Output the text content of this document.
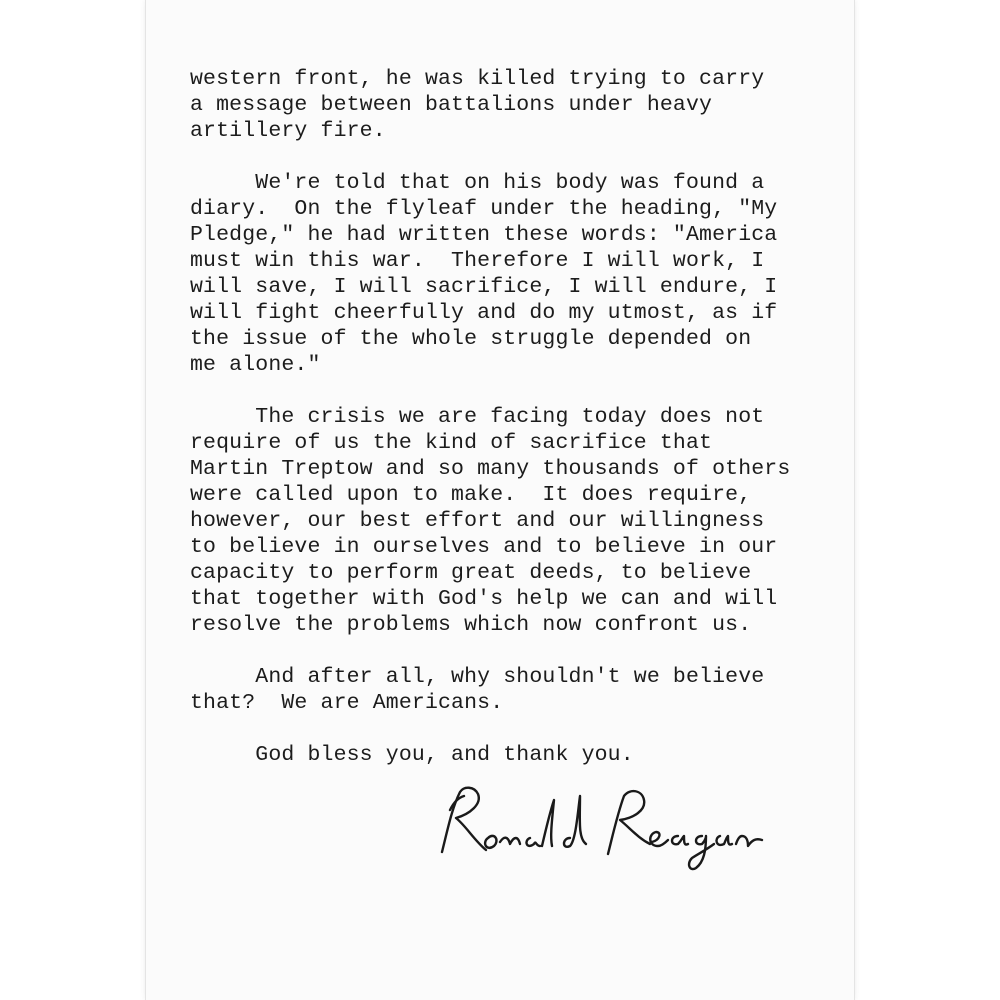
western front, he was killed trying to carry
a message between battalions under heavy
artillery fire.
We're told that on his body was found a
diary.  On the flyleaf under the heading, "My
Pledge," he had written these words: "America
must win this war.  Therefore I will work, I
will save, I will sacrifice, I will endure, I
will fight cheerfully and do my utmost, as if
the issue of the whole struggle depended on
me alone."
The crisis we are facing today does not
require of us the kind of sacrifice that
Martin Treptow and so many thousands of others
were called upon to make.  It does require,
however, our best effort and our willingness
to believe in ourselves and to believe in our
capacity to perform great deeds, to believe
that together with God's help we can and will
resolve the problems which now confront us.
And after all, why shouldn't we believe
that?  We are Americans.
God bless you, and thank you.
